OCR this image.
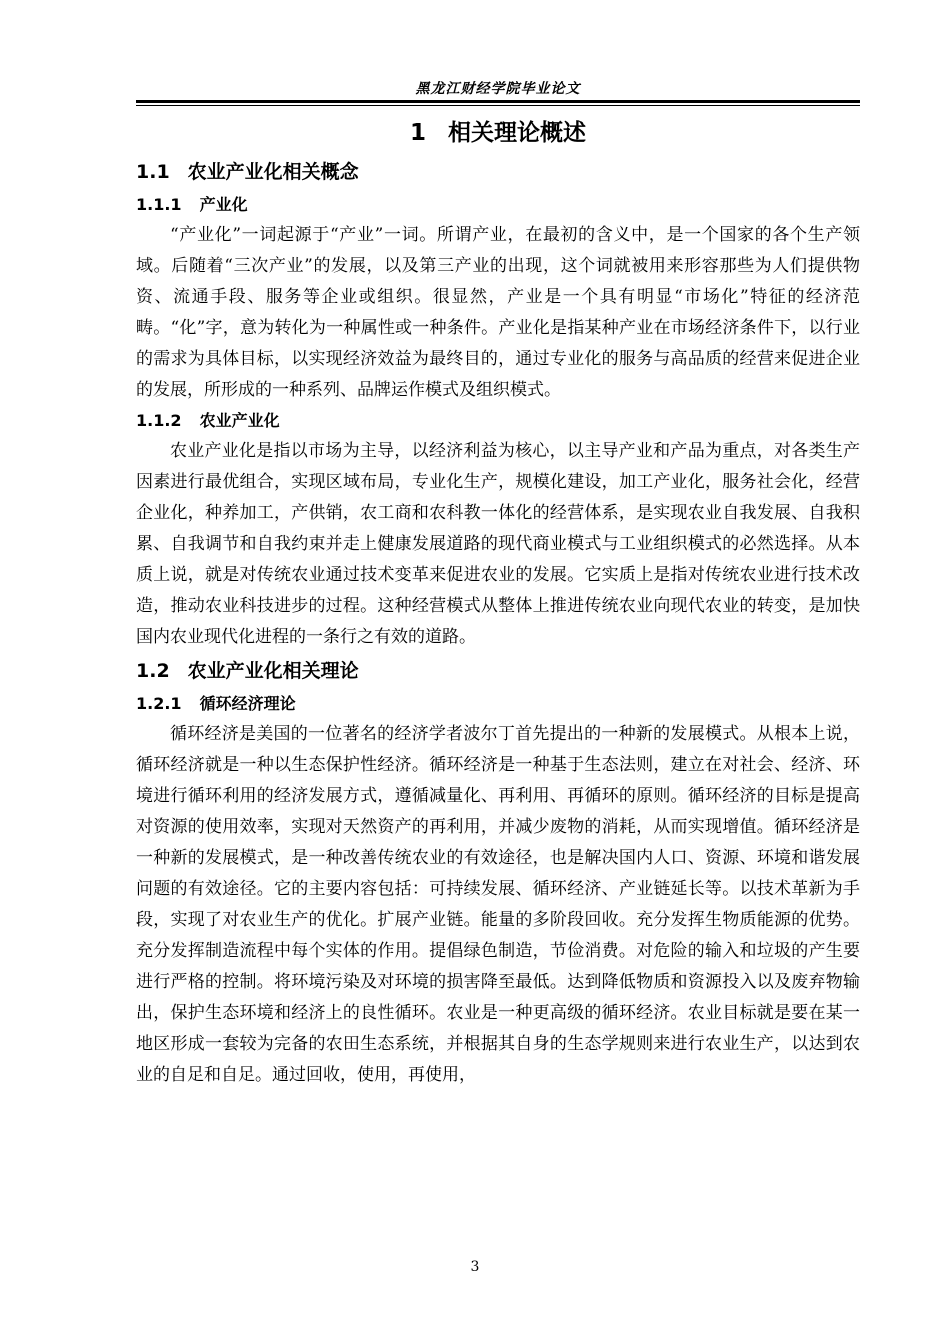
黑龙江财经学院毕业论文
1 相关理论概述
1.1 农业产业化相关概念
1.1.1 产业化

“产业化”一词起源于“产业”一词。所谓产业，在最初的含义中，是一个国家的各个生产领域。后随着“三次产业”的发展，以及第三产业的出现，这个词就被用来形容那些为人们提供物资、流通手段、服务等企业或组织。很显然，产业是一个具有明显“市场化”特征的经济范畴。“化”字，意为转化为一种属性或一种条件。产业化是指某种产业在市场经济条件下，以行业的需求为具体目标，以实现经济效益为最终目的，通过专业化的服务与高品质的经营来促进企业的发展，所形成的一种系列、品牌运作模式及组织模式。

1.1.2 农业产业化

农业产业化是指以市场为主导，以经济利益为核心，以主导产业和产品为重点，对各类生产因素进行最优组合，实现区域布局，专业化生产，规模化建设，加工产业化，服务社会化，经营企业化，种养加工，产供销，农工商和农科教一体化的经营体系，是实现农业自我发展、自我积累、自我调节和自我约束并走上健康发展道路的现代商业模式与工业组织模式的必然选择。从本质上说，就是对传统农业通过技术变革来促进农业的发展。它实质上是指对传统农业进行技术改造，推动农业科技进步的过程。这种经营模式从整体上推进传统农业向现代农业的转变，是加快国内农业现代化进程的一条行之有效的道路。

1.2 农业产业化相关理论
1.2.1 循环经济理论

循环经济是美国的一位著名的经济学者波尔丁首先提出的一种新的发展模式。从根本上说，循环经济就是一种以生态保护性经济。循环经济是一种基于生态法则，建立在对社会、经济、环境进行循环利用的经济发展方式，遵循减量化、再利用、再循环的原则。循环经济的目标是提高对资源的使用效率，实现对天然资产的再利用，并减少废物的消耗，从而实现增值。循环经济是一种新的发展模式，是一种改善传统农业的有效途径，也是解决国内人口、资源、环境和谐发展问题的有效途径。它的主要内容包括：可持续发展、循环经济、产业链延长等。以技术革新为手段，实现了对农业生产的优化。扩展产业链。能量的多阶段回收。充分发挥生物质能源的优势。充分发挥制造流程中每个实体的作用。提倡绿色制造，节俭消费。对危险的输入和垃圾的产生要进行严格的控制。将环境污染及对环境的损害降至最低。达到降低物质和资源投入以及废弃物输出，保护生态环境和经济上的良性循环。农业是一种更高级的循环经济。农业目标就是要在某一地区形成一套较为完备的农田生态系统，并根据其自身的生态学规则来进行农业生产，以达到农业的自足和自足。通过回收，使用，再使用，

3
